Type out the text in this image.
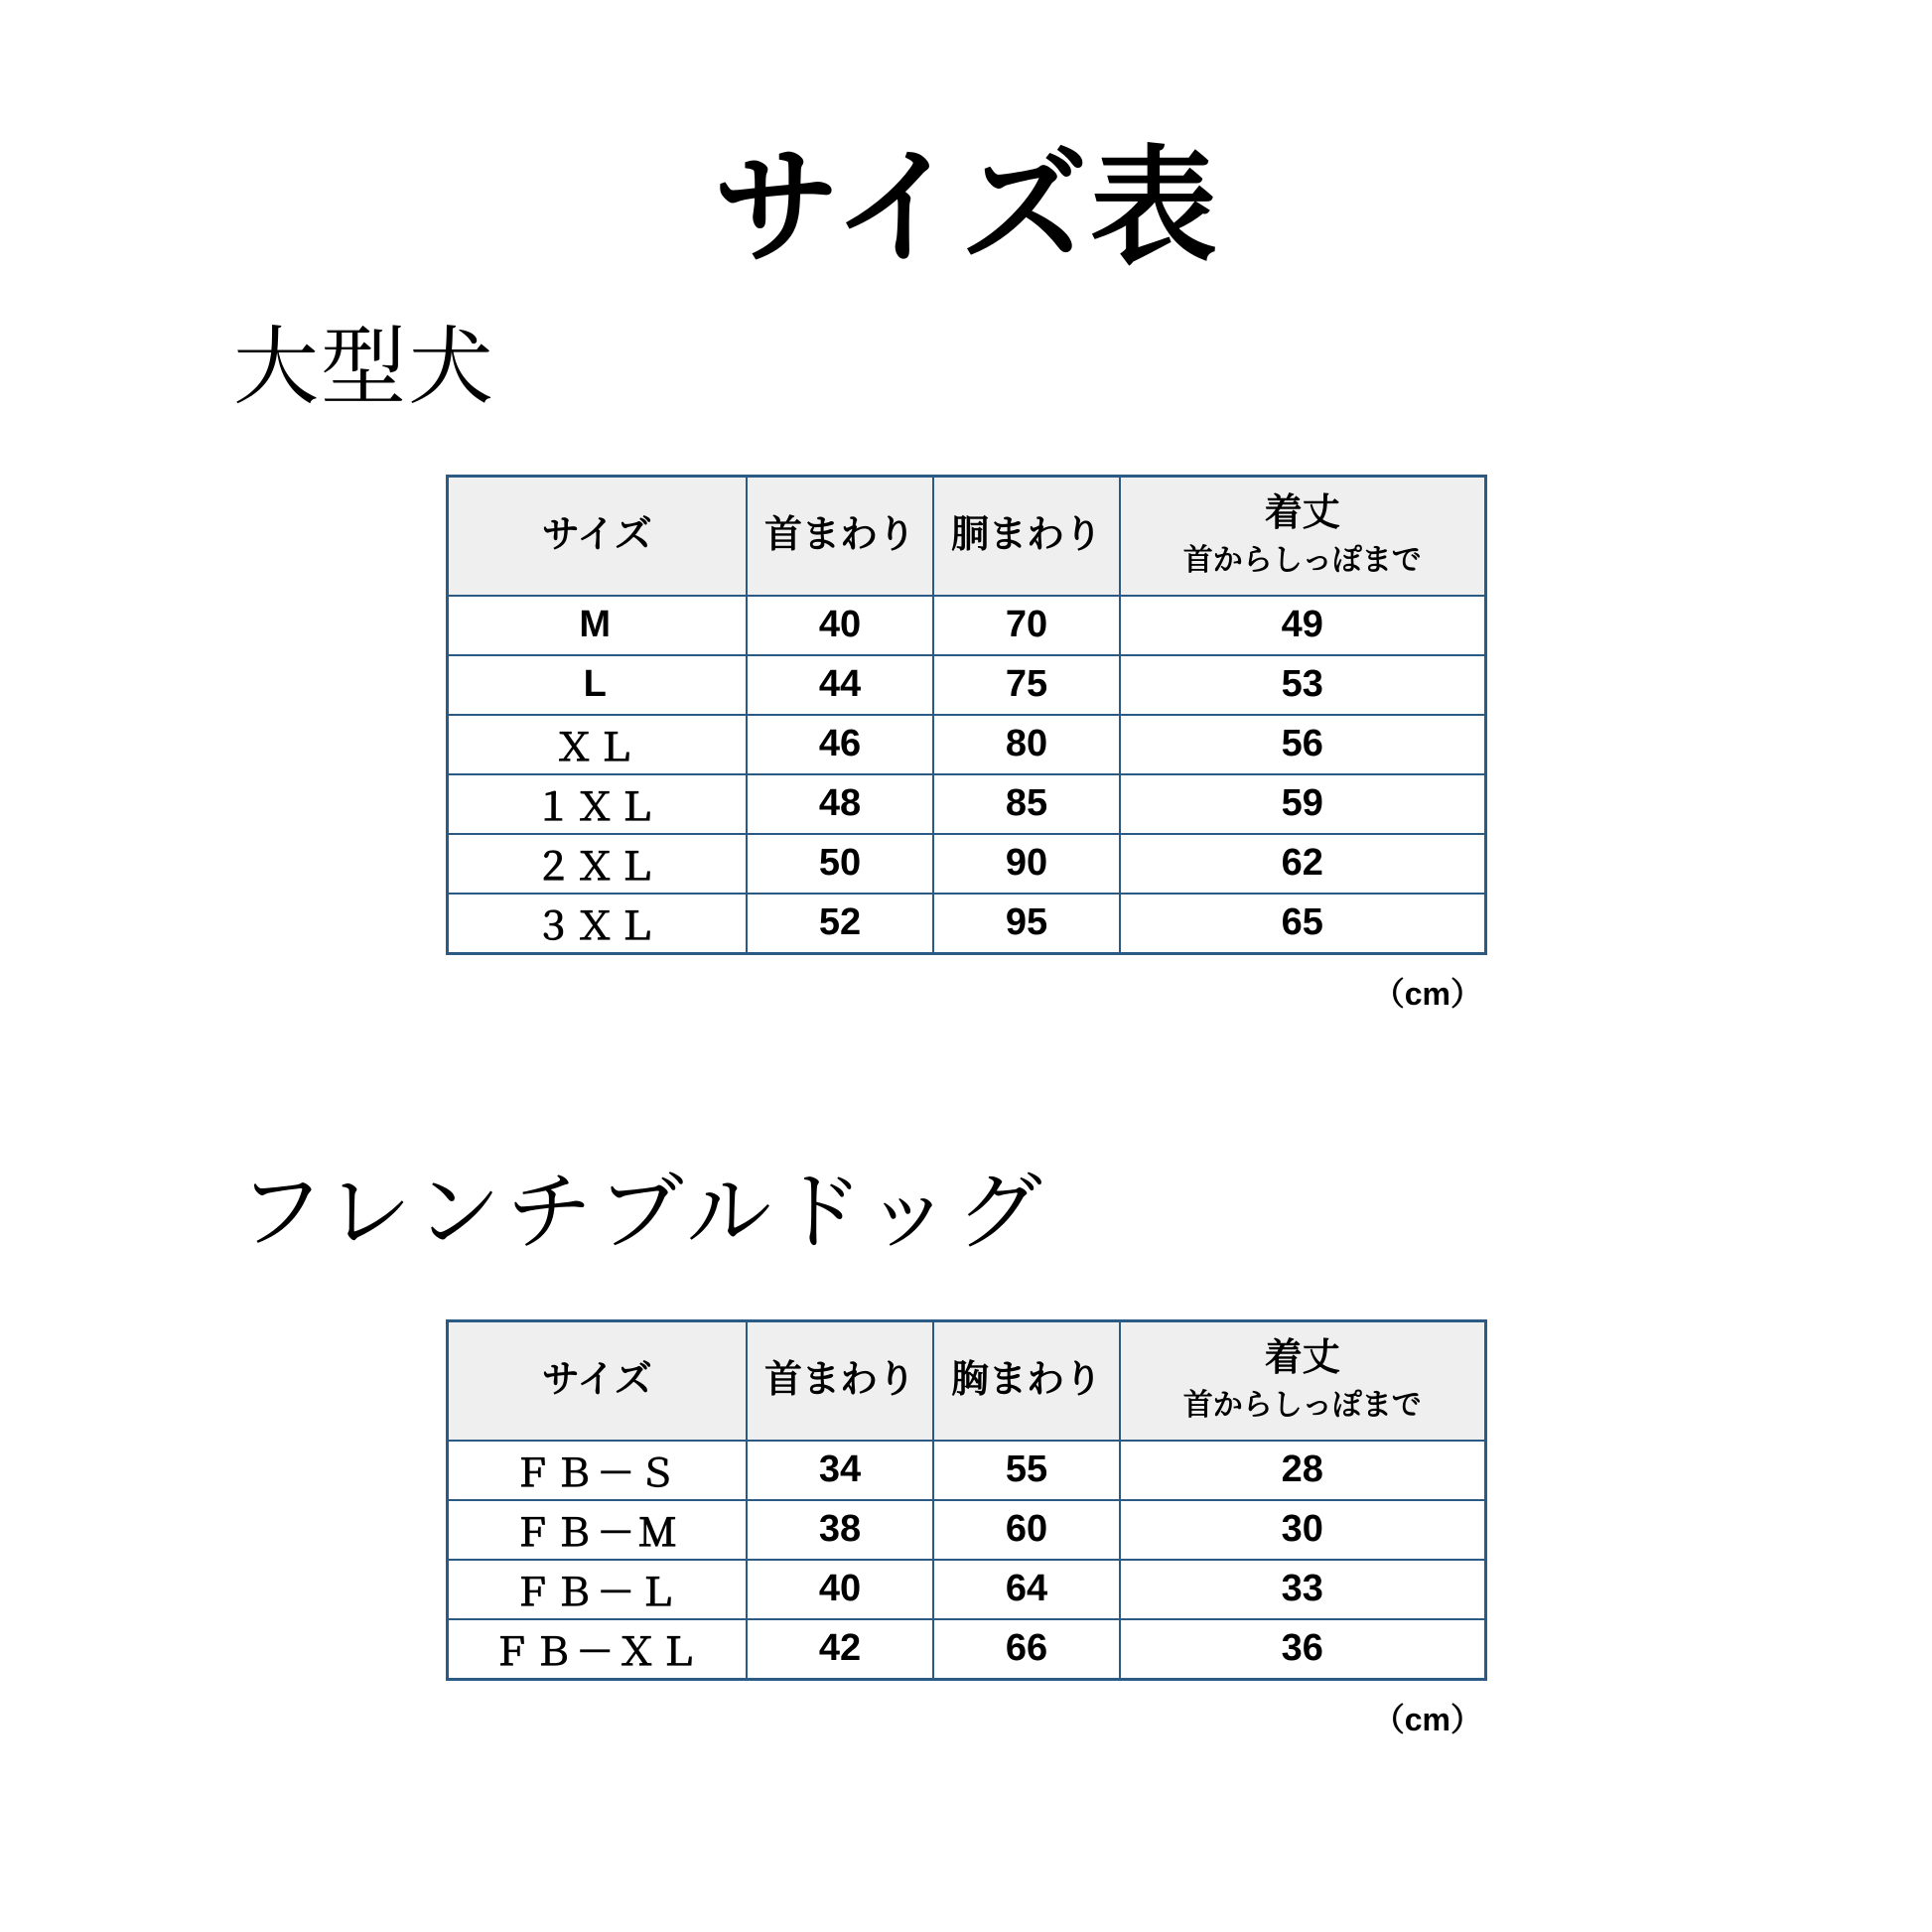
サイズ表
大型犬
サイズ	首まわり	胴まわり	着丈
首からしっぽまで

M	40	70	49
L	44	75	53
ＸＬ	46	80	56
１ＸＬ	48	85	59
２ＸＬ	50	90	62
３ＸＬ	52	95	65
（cm）
フレンチブルドッグ
サイズ	首まわり	胸まわり	着丈
首からしっぽまで

ＦＢ－Ｓ	34	55	28
ＦＢ－Ｍ	38	60	30
ＦＢ－Ｌ	40	64	33
ＦＢ－ＸＬ	42	66	36
（cm）
